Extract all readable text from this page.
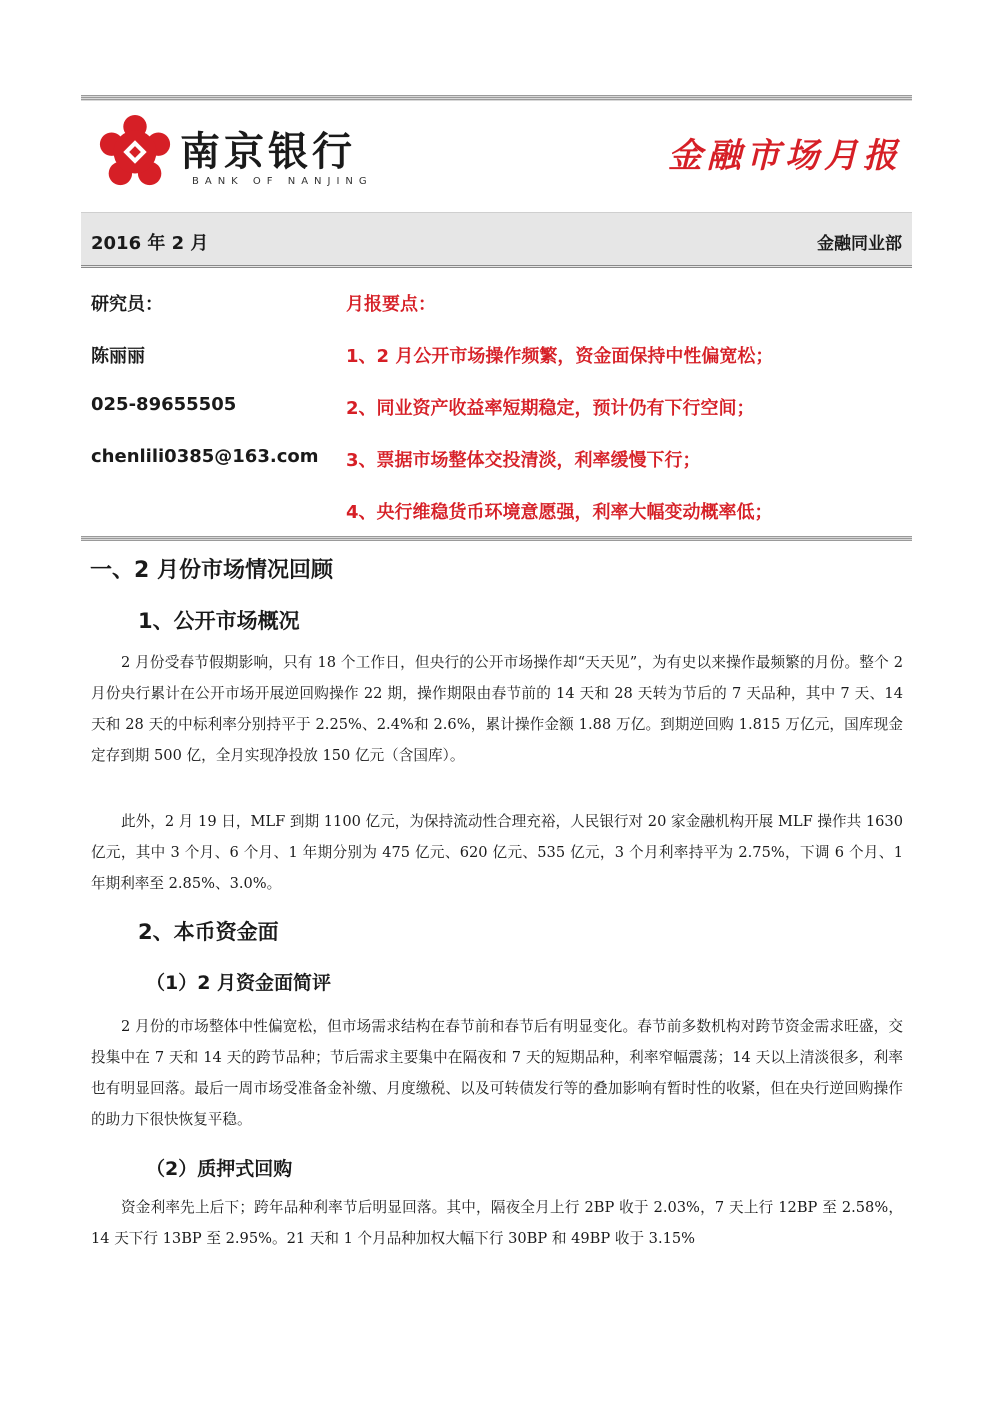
南京银行
BANK OF NANJING
金融市场月报
2016 年 2 月	金融同业部
研究员：
陈丽丽
025-89655505
chenlili0385@163.com
月报要点：
1、2 月公开市场操作频繁，资金面保持中性偏宽松；
2、同业资产收益率短期稳定，预计仍有下行空间；
3、票据市场整体交投清淡，利率缓慢下行；
4、央行维稳货币环境意愿强，利率大幅变动概率低；
一、2 月份市场情况回顾
1、公开市场概况

2 月份受春节假期影响，只有 18 个工作日，但央行的公开市场操作却“天天见”，为有史以来操作最频繁的月份。整个 2 月份央行累计在公开市场开展逆回购操作 22 期，操作期限由春节前的 14 天和 28 天转为节后的 7 天品种，其中 7 天、14 天和 28 天的中标利率分别持平于 2.25%、2.4%和 2.6%，累计操作金额 1.88 万亿。到期逆回购 1.815 万亿元，国库现金定存到期 500 亿，全月实现净投放 150 亿元（含国库）。

此外，2 月 19 日，MLF 到期 1100 亿元，为保持流动性合理充裕，人民银行对 20 家金融机构开展 MLF 操作共 1630 亿元，其中 3 个月、6 个月、1 年期分别为 475 亿元、620 亿元、535 亿元，3 个月利率持平为 2.75%，下调 6 个月、1 年期利率至 2.85%、3.0%。

2、本币资金面
（1）2 月资金面简评

2 月份的市场整体中性偏宽松，但市场需求结构在春节前和春节后有明显变化。春节前多数机构对跨节资金需求旺盛，交投集中在 7 天和 14 天的跨节品种；节后需求主要集中在隔夜和 7 天的短期品种，利率窄幅震荡；14 天以上清淡很多，利率也有明显回落。最后一周市场受准备金补缴、月度缴税、以及可转债发行等的叠加影响有暂时性的收紧，但在央行逆回购操作的助力下很快恢复平稳。

（2）质押式回购

资金利率先上后下；跨年品种利率节后明显回落。其中，隔夜全月上行 2BP 收于 2.03%，7 天上行 12BP 至 2.58%，14 天下行 13BP 至 2.95%。21 天和 1 个月品种加权大幅下行 30BP 和 49BP 收于 3.15%
